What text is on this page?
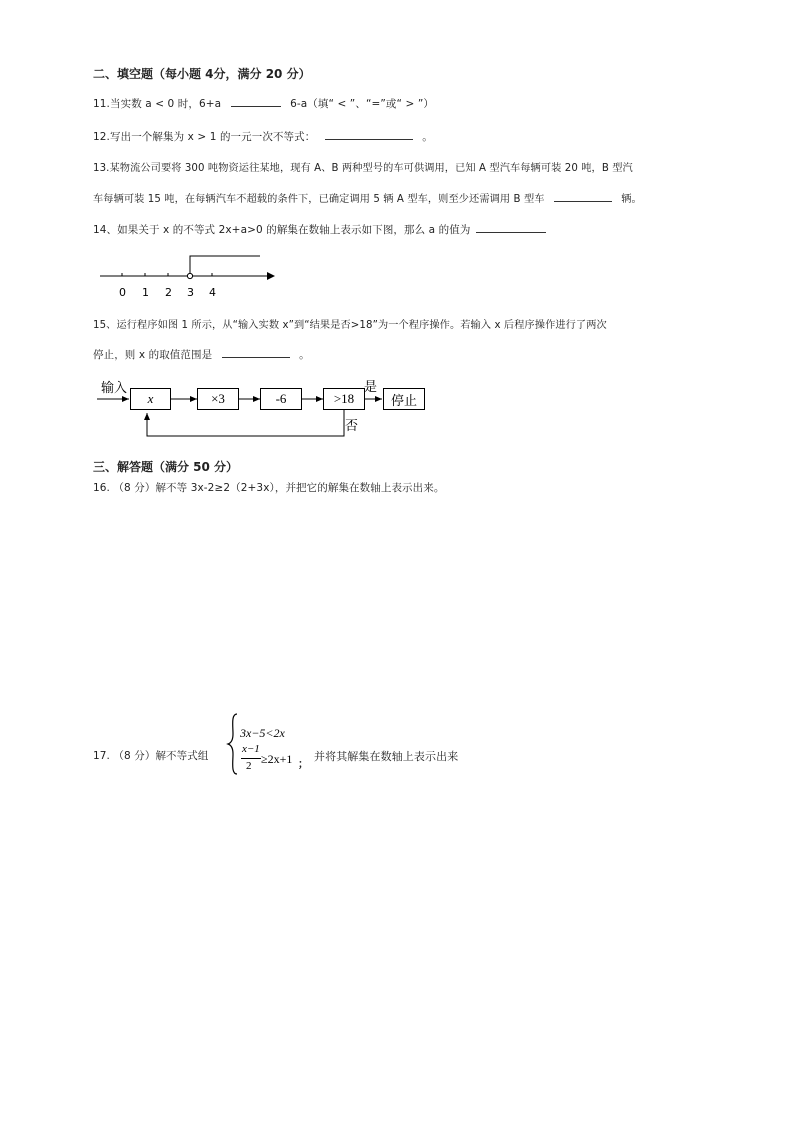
二、填空题（每小题 4分，满分 20 分）
11.当实数 a < 0 时，6+a	6-a（填“ < ”、“=”或“ > ”）
12.写出一个解集为 x > 1 的一元一次不等式：	。
13.某物流公司要将 300 吨物资运往某地，现有 A、B 两种型号的车可供调用，已知 A 型汽车每辆可装 20 吨，B 型汽
车每辆可装 15 吨，在每辆汽车不超载的条件下，已确定调用 5 辆 A 型车，则至少还需调用 B 型车	辆。
14、如果关于 x 的不等式 2x+a>0 的解集在数轴上表示如下图，那么 a 的值为
0 1 2 3 4
15、运行程序如图 1 所示，从“输入实数 x”到“结果是否>18”为一个程序操作。若输入 x 后程序操作进行了两次
停止，则 x 的取值范围是	。
输入
x	×3	-6	>18
是
停止
否
三、解答题（满分 50 分）
16. （8 分）解不等 3x-2≥2（2+3x），并把它的解集在数轴上表示出来。
17. （8 分）解不等式组
3x−5<2x
x−1
2 ≥2x+1 ；
并将其解集在数轴上表示出来
